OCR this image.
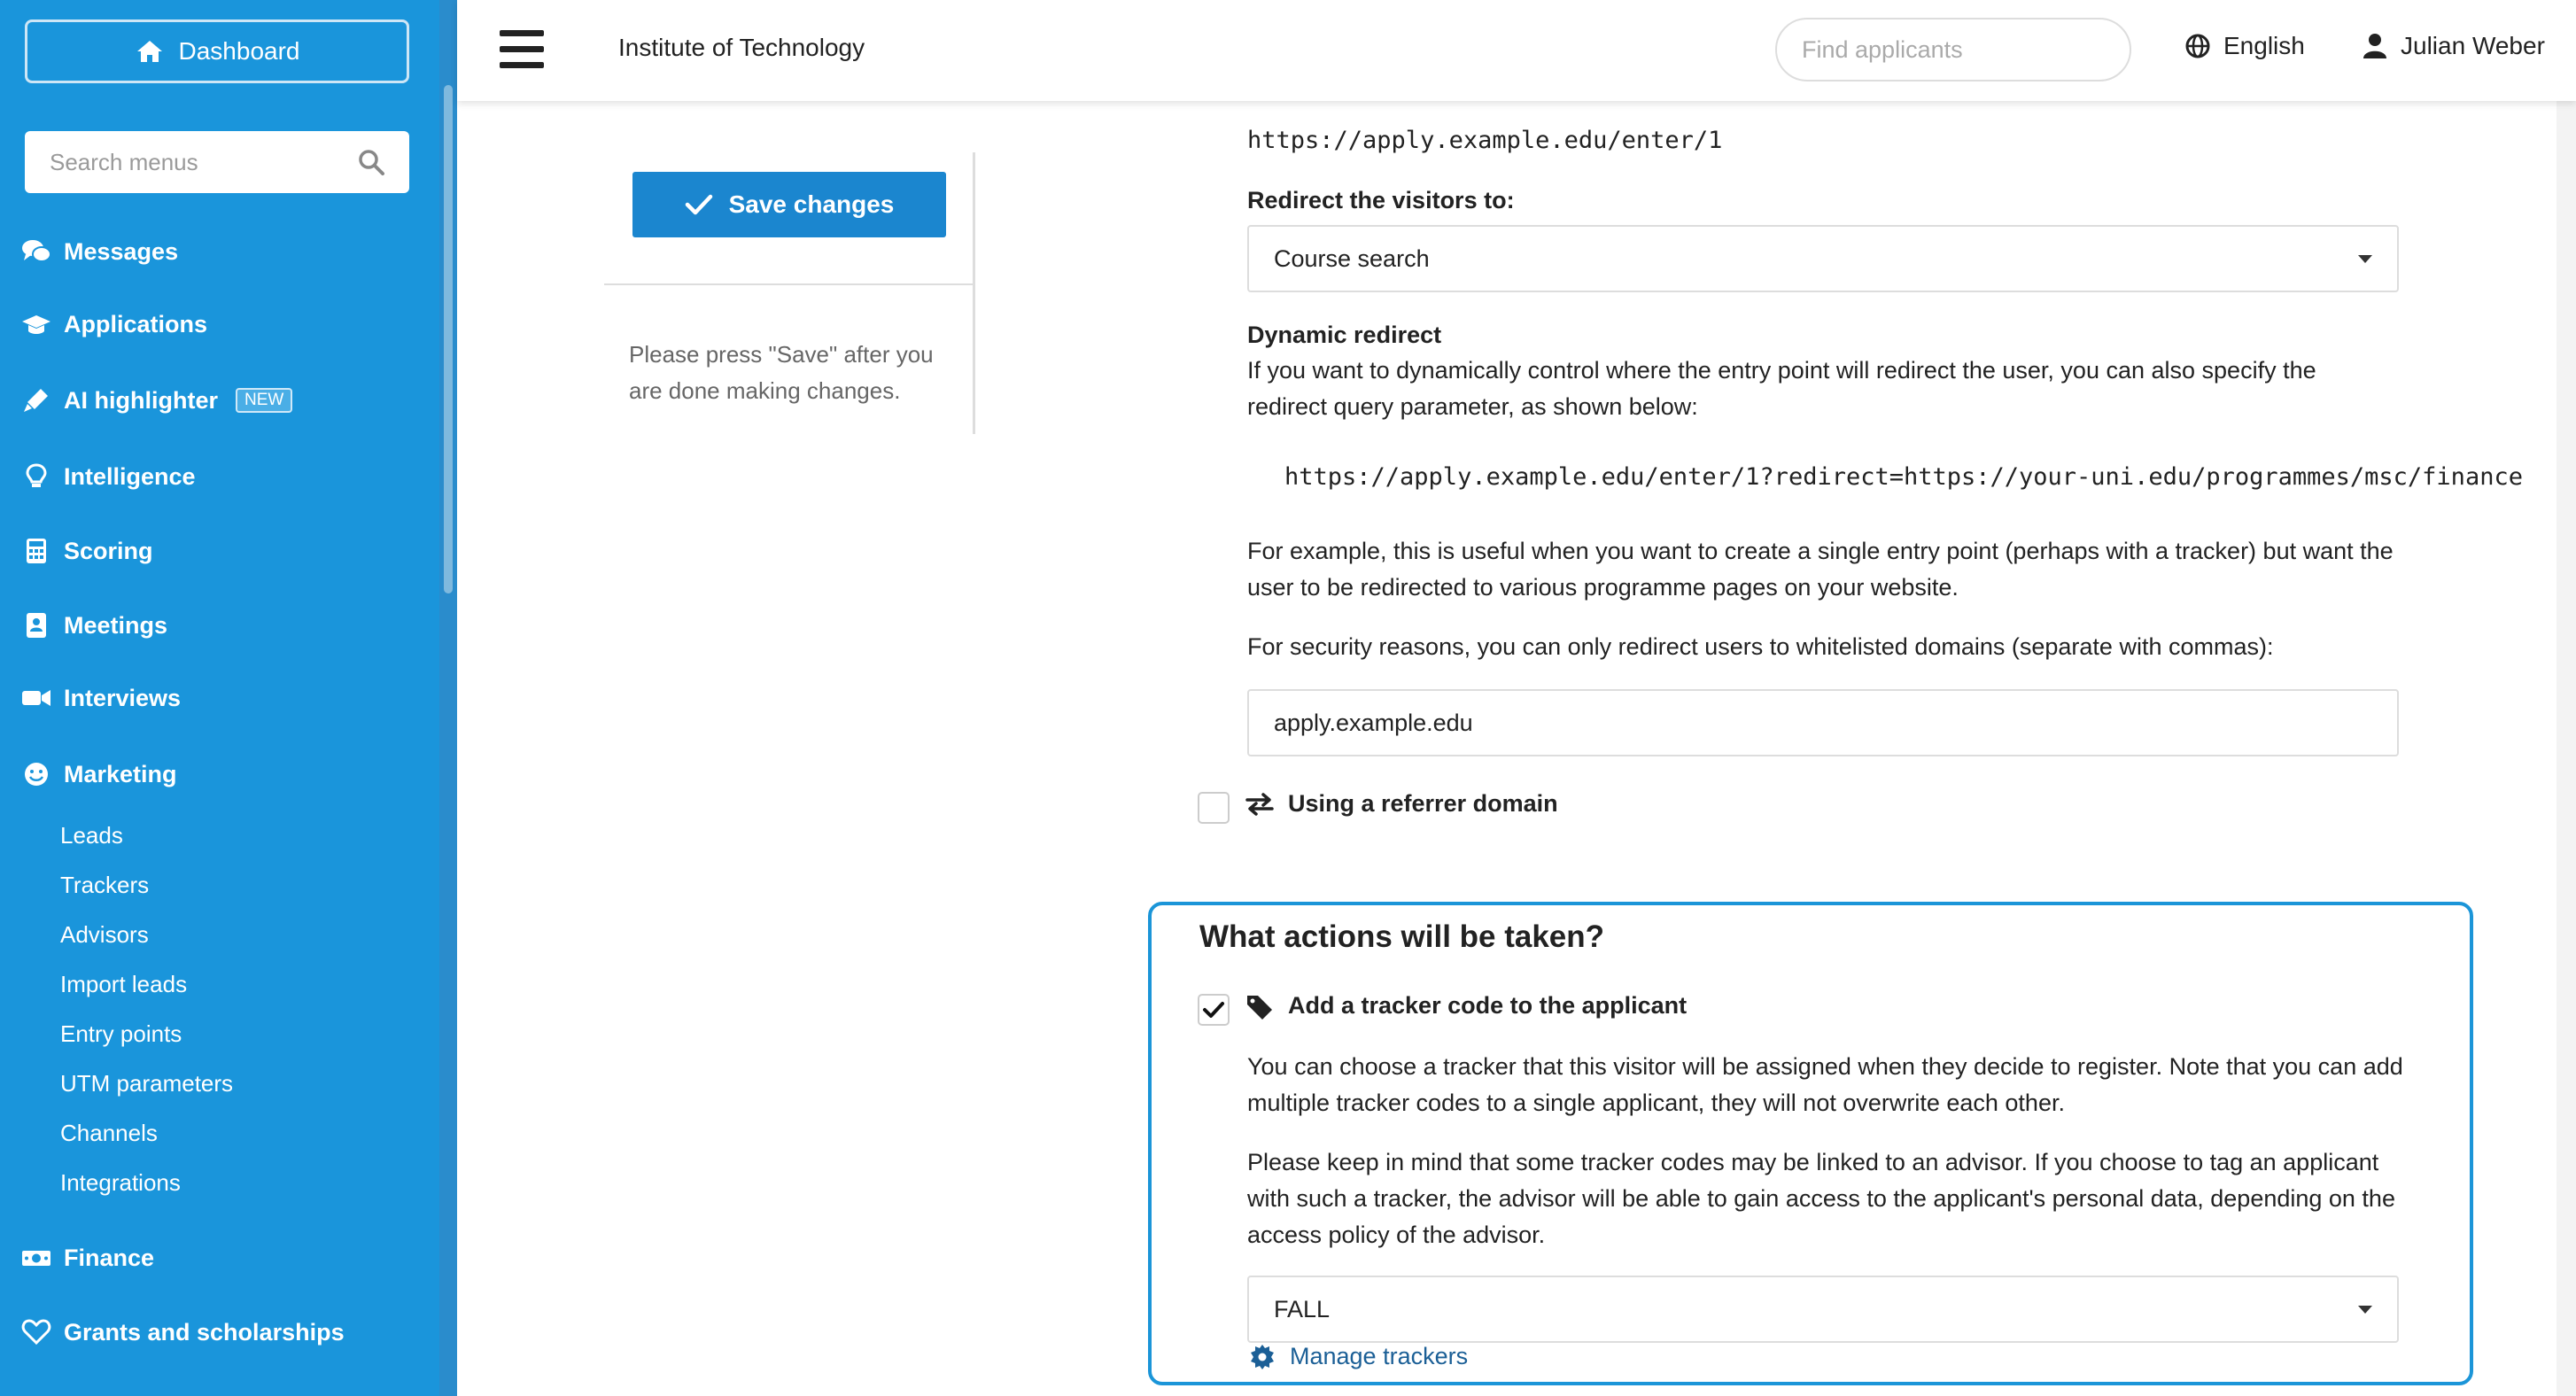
Dashboard
Search menus
Messages
Applications
AI highlighter	NEW
Intelligence
Scoring
Meetings
Interviews
Marketing
Leads
Trackers
Advisors
Import leads
Entry points
UTM parameters
Channels
Integrations
Finance
Grants and scholarships
Institute of Technology
Find applicants	English	Julian Weber
Save changes
Please press "Save" after you are done making changes.
https://apply.example.edu/enter/1
Redirect the visitors to:
Course search
Dynamic redirect
If you want to dynamically control where the entry point will redirect the user, you can also specify the redirect query parameter, as shown below:
https://apply.example.edu/enter/1?redirect=https://your-uni.edu/programmes/msc/finance
For example, this is useful when you want to create a single entry point (perhaps with a tracker) but want the user to be redirected to various programme pages on your website.
For security reasons, you can only redirect users to whitelisted domains (separate with commas):
apply.example.edu
Using a referrer domain
What actions will be taken?
Add a tracker code to the applicant
You can choose a tracker that this visitor will be assigned when they decide to register. Note that you can add multiple tracker codes to a single applicant, they will not overwrite each other.
Please keep in mind that some tracker codes may be linked to an advisor. If you choose to tag an applicant with such a tracker, the advisor will be able to gain access to the applicant's personal data, depending on the access policy of the advisor.
FALL
Manage trackers
